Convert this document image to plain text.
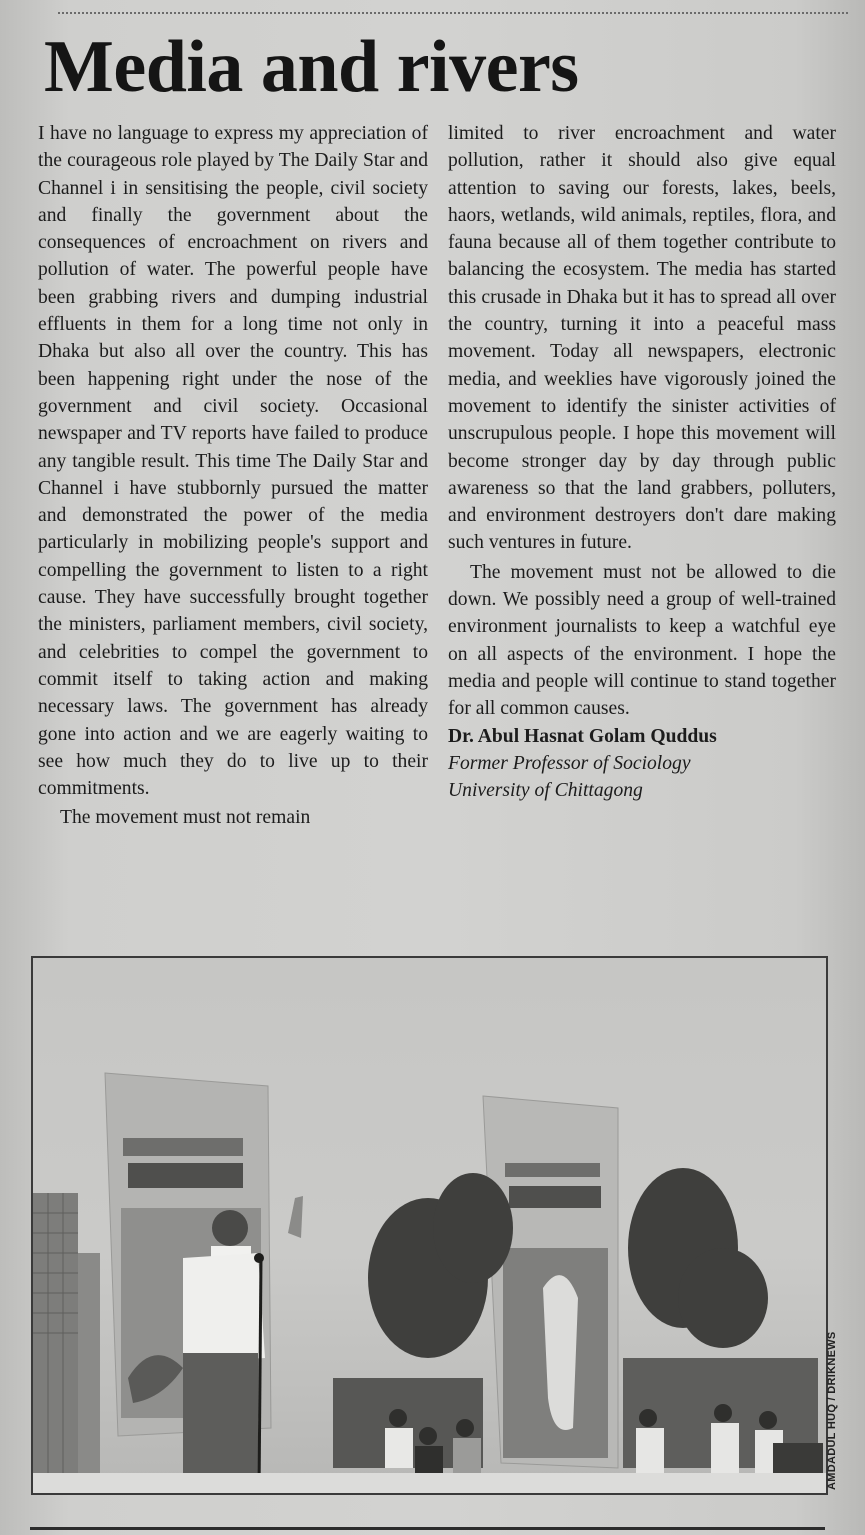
Media and rivers

I have no language to express my appreciation of the courageous role played by The Daily Star and Channel i in sensitising the people, civil society and finally the government about the consequences of encroachment on rivers and pollution of water. The powerful people have been grabbing rivers and dumping industrial effluents in them for a long time not only in Dhaka but also all over the country. This has been happening right under the nose of the government and civil society. Occasional newspaper and TV reports have failed to produce any tangible result. This time The Daily Star and Channel i have stubbornly pursued the matter and demonstrated the power of the media particularly in mobilizing people's support and compelling the government to listen to a right cause. They have successfully brought together the ministers, parliament members, civil society, and celebrities to compel the government to commit itself to taking action and making necessary laws. The government has already gone into action and we are eagerly waiting to see how much they do to live up to their commitments.

The movement must not remain

limited to river encroachment and water pollution, rather it should also give equal attention to saving our forests, lakes, beels, haors, wetlands, wild animals, reptiles, flora, and fauna because all of them together contribute to balancing the ecosystem. The media has started this crusade in Dhaka but it has to spread all over the country, turning it into a peaceful mass movement. Today all newspapers, electronic media, and weeklies have vigorously joined the movement to identify the sinister activities of unscrupulous people. I hope this movement will become stronger day by day through public awareness so that the land grabbers, polluters, and environment destroyers don't dare making such ventures in future.

The movement must not be allowed to die down. We possibly need a group of well-trained environment journalists to keep a watchful eye on all aspects of the environment. I hope the media and people will continue to stand together for all common causes.

Dr. Abul Hasnat Golam Quddus

Former Professor of Sociology

University of Chittagong

AMDADUL HUQ / DRIKNEWS
